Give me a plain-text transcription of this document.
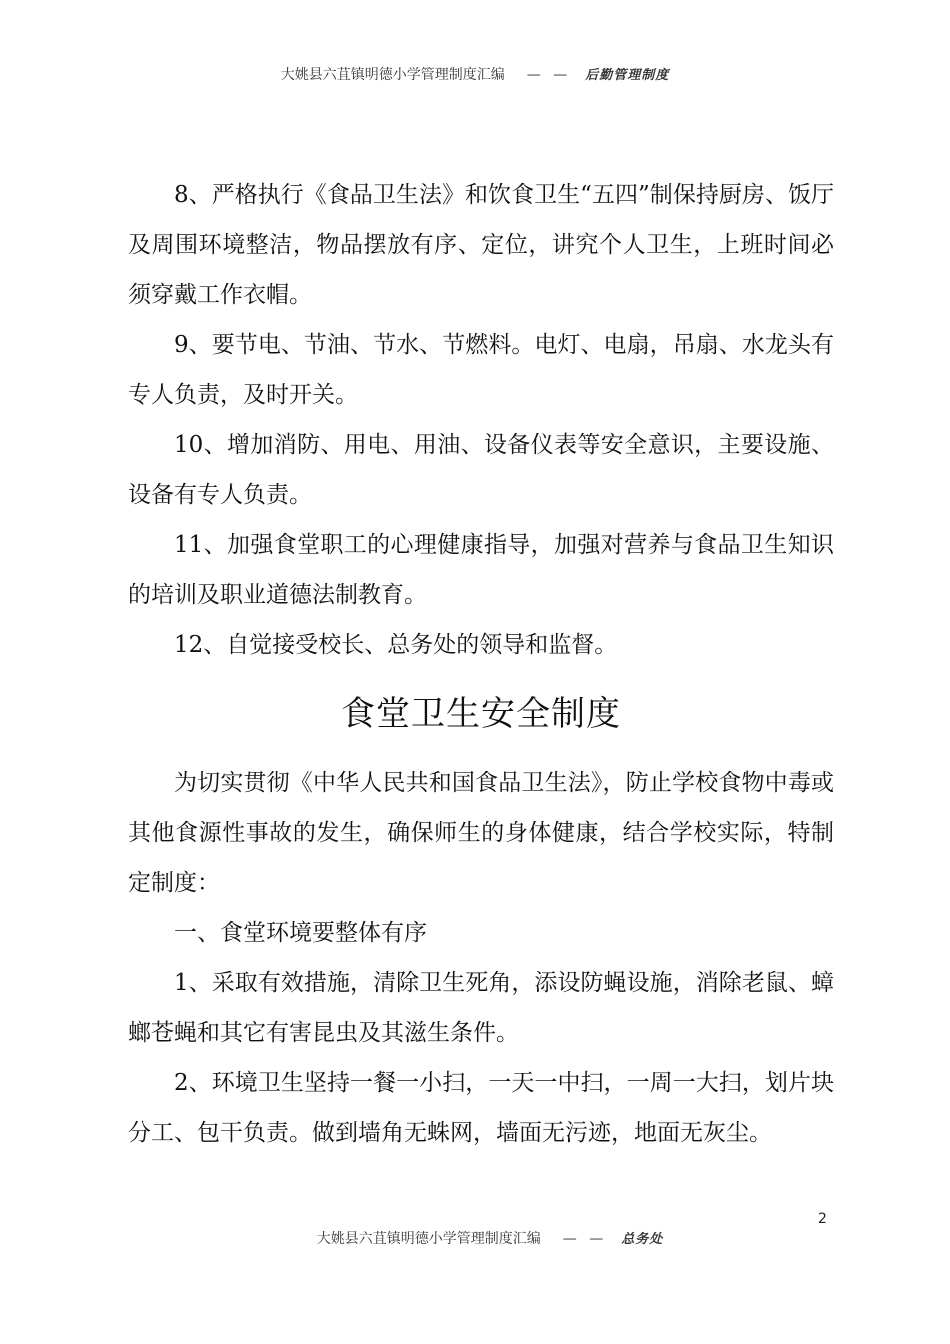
大姚县六苴镇明德小学管理制度汇编 — — 后勤管理制度

8、严格执行《食品卫生法》和饮食卫生“五四”制保持厨房、饭厅及周围环境整洁，物品摆放有序、定位，讲究个人卫生，上班时间必须穿戴工作衣帽。

9、要节电、节油、节水、节燃料。电灯、电扇，吊扇、水龙头有专人负责，及时开关。

10、增加消防、用电、用油、设备仪表等安全意识，主要设施、设备有专人负责。

11、加强食堂职工的心理健康指导，加强对营养与食品卫生知识的培训及职业道德法制教育。

12、自觉接受校长、总务处的领导和监督。

食堂卫生安全制度

为切实贯彻《中华人民共和国食品卫生法》，防止学校食物中毒或其他食源性事故的发生，确保师生的身体健康，结合学校实际，特制定制度：

一、食堂环境要整体有序

1、采取有效措施，清除卫生死角，添设防蝇设施，消除老鼠、蟑螂苍蝇和其它有害昆虫及其滋生条件。

2、环境卫生坚持一餐一小扫，一天一中扫，一周一大扫，划片块分工、包干负责。做到墙角无蛛网，墙面无污迹，地面无灰尘。

2
大姚县六苴镇明德小学管理制度汇编 — — 总务处
